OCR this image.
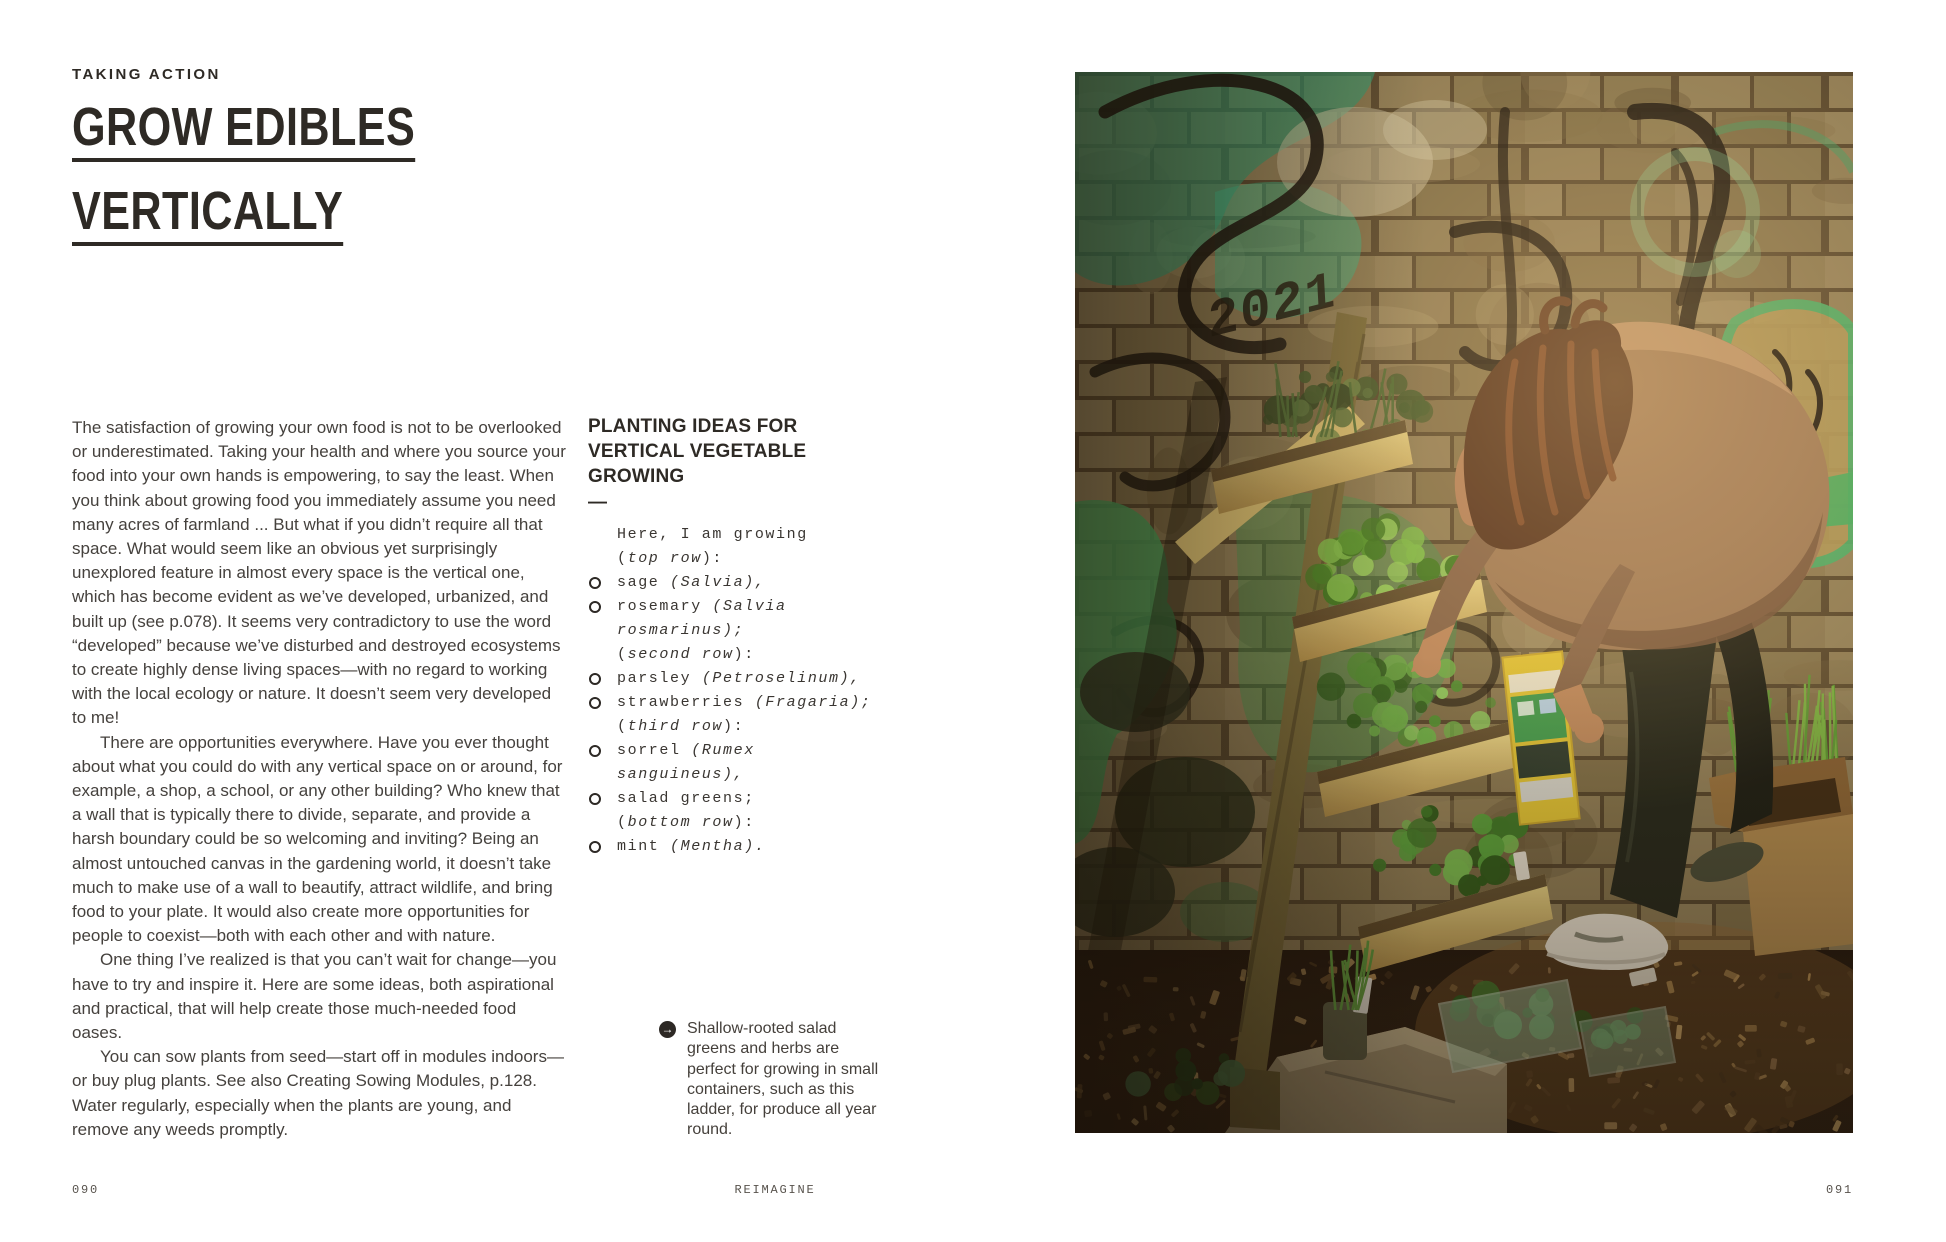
TAKING ACTION
GROW EDIBLES
VERTICALLY

The satisfaction of growing your own food is not to be overlooked or underestimated. Taking your health and where you source your food into your own hands is empowering, to say the least. When you think about growing food you immediately assume you need many acres of farmland ... But what if you didn’t require all that space. What would seem like an obvious yet surprisingly unexplored feature in almost every space is the vertical one, which has become evident as we’ve developed, urbanized, and built up (see p.078). It seems very contradictory to use the word “developed” because we’ve disturbed and destroyed ecosystems to create highly dense living spaces—with no regard to working with the local ecology or nature. It doesn’t seem very developed to me!

There are opportunities everywhere. Have you ever thought about what you could do with any vertical space on or around, for example, a shop, a school, or any other building? Who knew that a wall that is typically there to divide, separate, and provide a harsh boundary could be so welcoming and inviting? Being an almost untouched canvas in the gardening world, it doesn’t take much to make use of a wall to beautify, attract wildlife, and bring food to your plate. It would also create more opportunities for people to coexist—both with each other and with nature.

One thing I’ve realized is that you can’t wait for change—you have to try and inspire it. Here are some ideas, both aspirational and practical, that will help create those much-needed food oases.

You can sow plants from seed—start off in modules indoors—or buy plug plants. See also Creating Sowing Modules, p.128. Water regularly, especially when the plants are young, and remove any weeds promptly.

PLANTING IDEAS FOR
VERTICAL VEGETABLE
GROWING
—
Here, I am growing
(top row):
sage (Salvia),
rosemary (Salvia
rosmarinus);
(second row):
parsley (Petroselinum),
strawberries (Fragaria);
(third row):
sorrel (Rumex sanguineus),
salad greens;
(bottom row):
mint (Mentha).
→ Shallow-rooted salad greens and herbs are perfect for growing in small containers, such as this ladder, for produce all year round.
090	REIMAGINE	091
